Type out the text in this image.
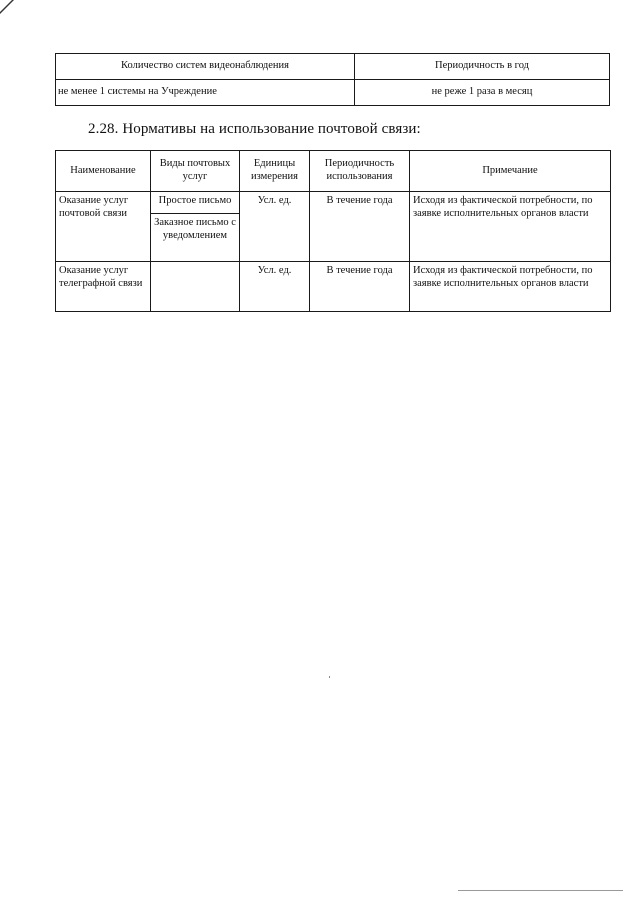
Количество систем видеонаблюдения	Периодичность в год
не менее 1 системы на Учреждение	не реже 1 раза в месяц
2.28. Нормативы на использование почтовой связи:
Наименование	Виды почтовых услуг	Единицы измерения	Периодичность использования	Примечание
Оказание услуг почтовой связи	Простое письмо	Усл. ед.	В течение года	Исходя из фактической потребности, по заявке исполнительных органов власти
	Заказное письмо с уведомлением			
Оказание услуг телеграфной связи		Усл. ед.	В течение года	Исходя из фактической потребности, по заявке исполнительных органов власти
